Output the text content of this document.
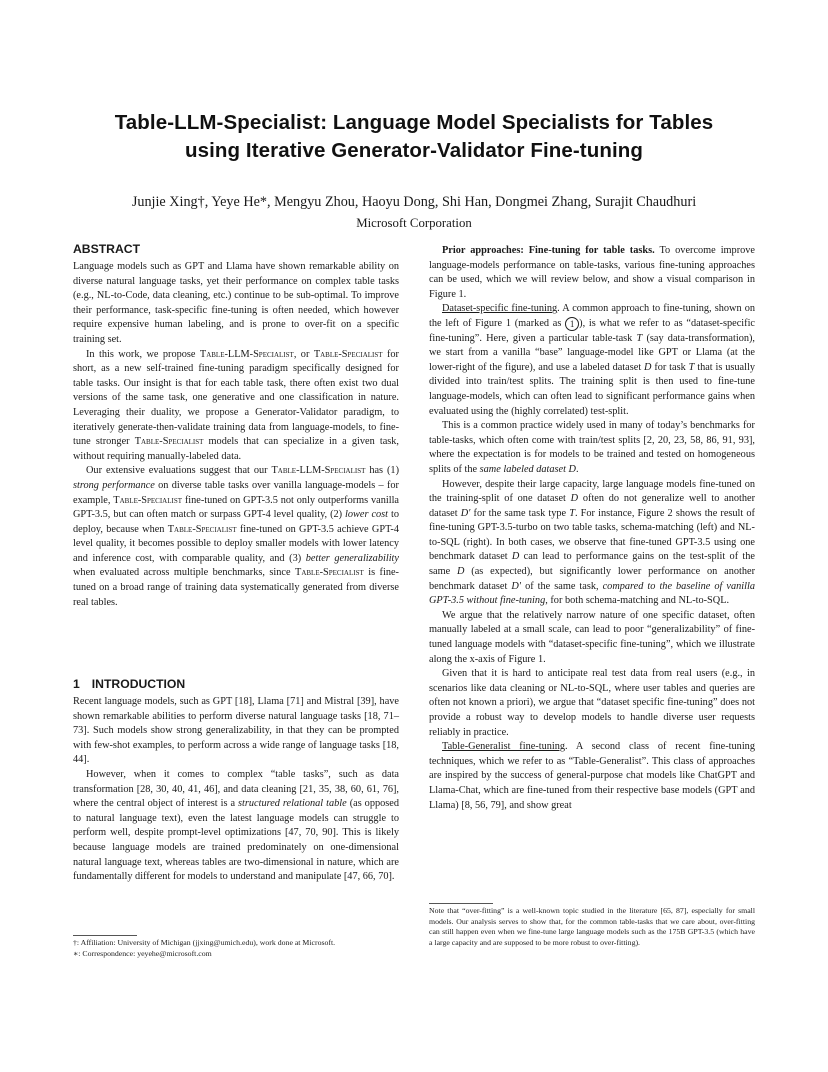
Table-LLM-Specialist: Language Model Specialists for Tables
using Iterative Generator-Validator Fine-tuning
Junjie Xing†, Yeye He*, Mengyu Zhou, Haoyu Dong, Shi Han, Dongmei Zhang, Surajit Chaudhuri
Microsoft Corporation
ABSTRACT

Language models such as GPT and Llama have shown remarkable ability on diverse natural language tasks, yet their performance on complex table tasks (e.g., NL-to-Code, data cleaning, etc.) continue to be sub-optimal. To improve their performance, task-specific fine-tuning is often needed, which however require expensive human labeling, and is prone to over-fit on a specific training set.

In this work, we propose Table-LLM-Specialist, or Table-Specialist for short, as a new self-trained fine-tuning paradigm specifically designed for table tasks. Our insight is that for each table task, there often exist two dual versions of the same task, one generative and one classification in nature. Leveraging their duality, we propose a Generator-Validator paradigm, to iteratively generate-then-validate training data from language-models, to fine-tune stronger Table-Specialist models that can specialize in a given task, without requiring manually-labeled data.

Our extensive evaluations suggest that our Table-LLM-Specialist has (1) strong performance on diverse table tasks over vanilla language-models – for example, Table-Specialist fine-tuned on GPT-3.5 not only outperforms vanilla GPT-3.5, but can often match or surpass GPT-4 level quality, (2) lower cost to deploy, because when Table-Specialist fine-tuned on GPT-3.5 achieve GPT-4 level quality, it becomes possible to deploy smaller models with lower latency and inference cost, with comparable quality, and (3) better generalizability when evaluated across multiple benchmarks, since Table-Specialist is fine-tuned on a broad range of training data systematically generated from diverse real tables.

1 INTRODUCTION

Recent language models, such as GPT [18], Llama [71] and Mistral [39], have shown remarkable abilities to perform diverse natural language tasks [18, 71–73]. Such models show strong generalizability, in that they can be prompted with few-shot examples, to perform across a wide range of language tasks [18, 44].

However, when it comes to complex “table tasks”, such as data transformation [28, 30, 40, 41, 46], and data cleaning [21, 35, 38, 60, 61, 76], where the central object of interest is a structured relational table (as opposed to natural language text), even the latest language models can struggle to perform well, despite prompt-level optimizations [47, 70, 90]. This is likely because language models are trained predominately on one-dimensional natural language text, whereas tables are two-dimensional in nature, which are fundamentally different for models to understand and manipulate [47, 66, 70].

Prior approaches: Fine-tuning for table tasks. To overcome improve language-models performance on table-tasks, various fine-tuning approaches can be used, which we will review below, and show a visual comparison in Figure 1.

Dataset-specific fine-tuning. A common approach to fine-tuning, shown on the left of Figure 1 (marked as 1 ), is what we refer to as “dataset-specific fine-tuning”. Here, given a particular table-task T (say data-transformation), we start from a vanilla “base” language-model like GPT or Llama (at the lower-right of the figure), and use a labeled dataset D for task T that is usually divided into train/test splits. The training split is then used to fine-tune language-models, which can often lead to significant performance gains when evaluated using the (highly correlated) test-split.

This is a common practice widely used in many of today’s benchmarks for table-tasks, which often come with train/test splits [2, 20, 23, 58, 86, 91, 93], where the expectation is for models to be trained and tested on homogeneous splits of the same labeled dataset D.

However, despite their large capacity, large language models fine-tuned on the training-split of one dataset D often do not generalize well to another dataset D′ for the same task type T. For instance, Figure 2 shows the result of fine-tuning GPT-3.5-turbo on two table tasks, schema-matching (left) and NL-to-SQL (right). In both cases, we observe that fine-tuned GPT-3.5 using one benchmark dataset D can lead to performance gains on the test-split of the same D (as expected), but significantly lower performance on another benchmark dataset D′ of the same task, compared to the baseline of vanilla GPT-3.5 without fine-tuning, for both schema-matching and NL-to-SQL.

We argue that the relatively narrow nature of one specific dataset, often manually labeled at a small scale, can lead to poor “generalizability” of fine-tuned language models with “dataset-specific fine-tuning”, which we illustrate along the x-axis of Figure 1.

Given that it is hard to anticipate real test data from real users (e.g., in scenarios like data cleaning or NL-to-SQL, where user tables and queries are often not known a priori), we argue that “dataset specific fine-tuning” does not provide a robust way to develop models to handle diverse user requests reliably in practice.

Table-Generalist fine-tuning. A second class of recent fine-tuning techniques, which we refer to as “Table-Generalist”. This class of approaches are inspired by the success of general-purpose chat models like ChatGPT and Llama-Chat, which are fine-tuned from their respective base models (GPT and Llama) [8, 56, 79], and show great

†: Affiliation: University of Michigan (jjxing@umich.edu), work done at Microsoft.
∗: Correspondence: yeyehe@microsoft.com
Note that “over-fitting” is a well-known topic studied in the literature [65, 87], especially for small models. Our analysis serves to show that, for the common table-tasks that we care about, over-fitting can still happen even when we fine-tune large language models such as the 175B GPT-3.5 (which have a large capacity and are supposed to be more robust to over-fitting).
